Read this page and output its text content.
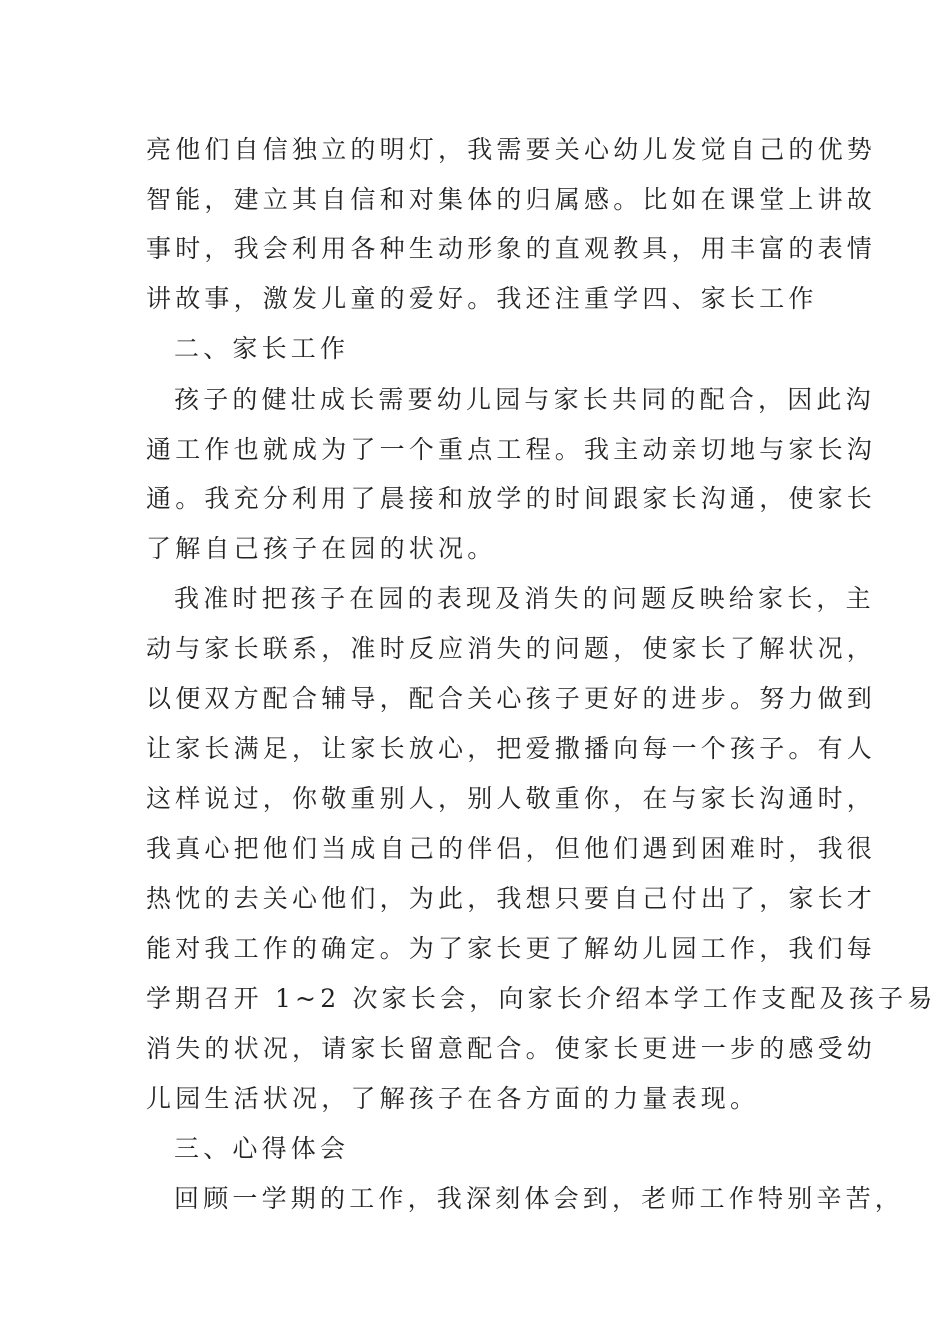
亮他们自信独立的明灯，我需要关心幼儿发觉自己的优势
智能，建立其自信和对集体的归属感。比如在课堂上讲故
事时，我会利用各种生动形象的直观教具，用丰富的表情
讲故事，激发儿童的爱好。我还注重学四、家长工作
二、家长工作
孩子的健壮成长需要幼儿园与家长共同的配合，因此沟
通工作也就成为了一个重点工程。我主动亲切地与家长沟
通。我充分利用了晨接和放学的时间跟家长沟通，使家长
了解自己孩子在园的状况。
我准时把孩子在园的表现及消失的问题反映给家长，主
动与家长联系，准时反应消失的问题，使家长了解状况，
以便双方配合辅导，配合关心孩子更好的进步。努力做到
让家长满足，让家长放心，把爱撒播向每一个孩子。有人
这样说过，你敬重别人，别人敬重你，在与家长沟通时，
我真心把他们当成自己的伴侣，但他们遇到困难时，我很
热忱的去关心他们，为此，我想只要自己付出了，家长才
能对我工作的确定。为了家长更了解幼儿园工作，我们每
学期召开 1~2 次家长会，向家长介绍本学工作支配及孩子易
消失的状况，请家长留意配合。使家长更进一步的感受幼
儿园生活状况，了解孩子在各方面的力量表现。
三、心得体会
回顾一学期的工作，我深刻体会到，老师工作特别辛苦，
